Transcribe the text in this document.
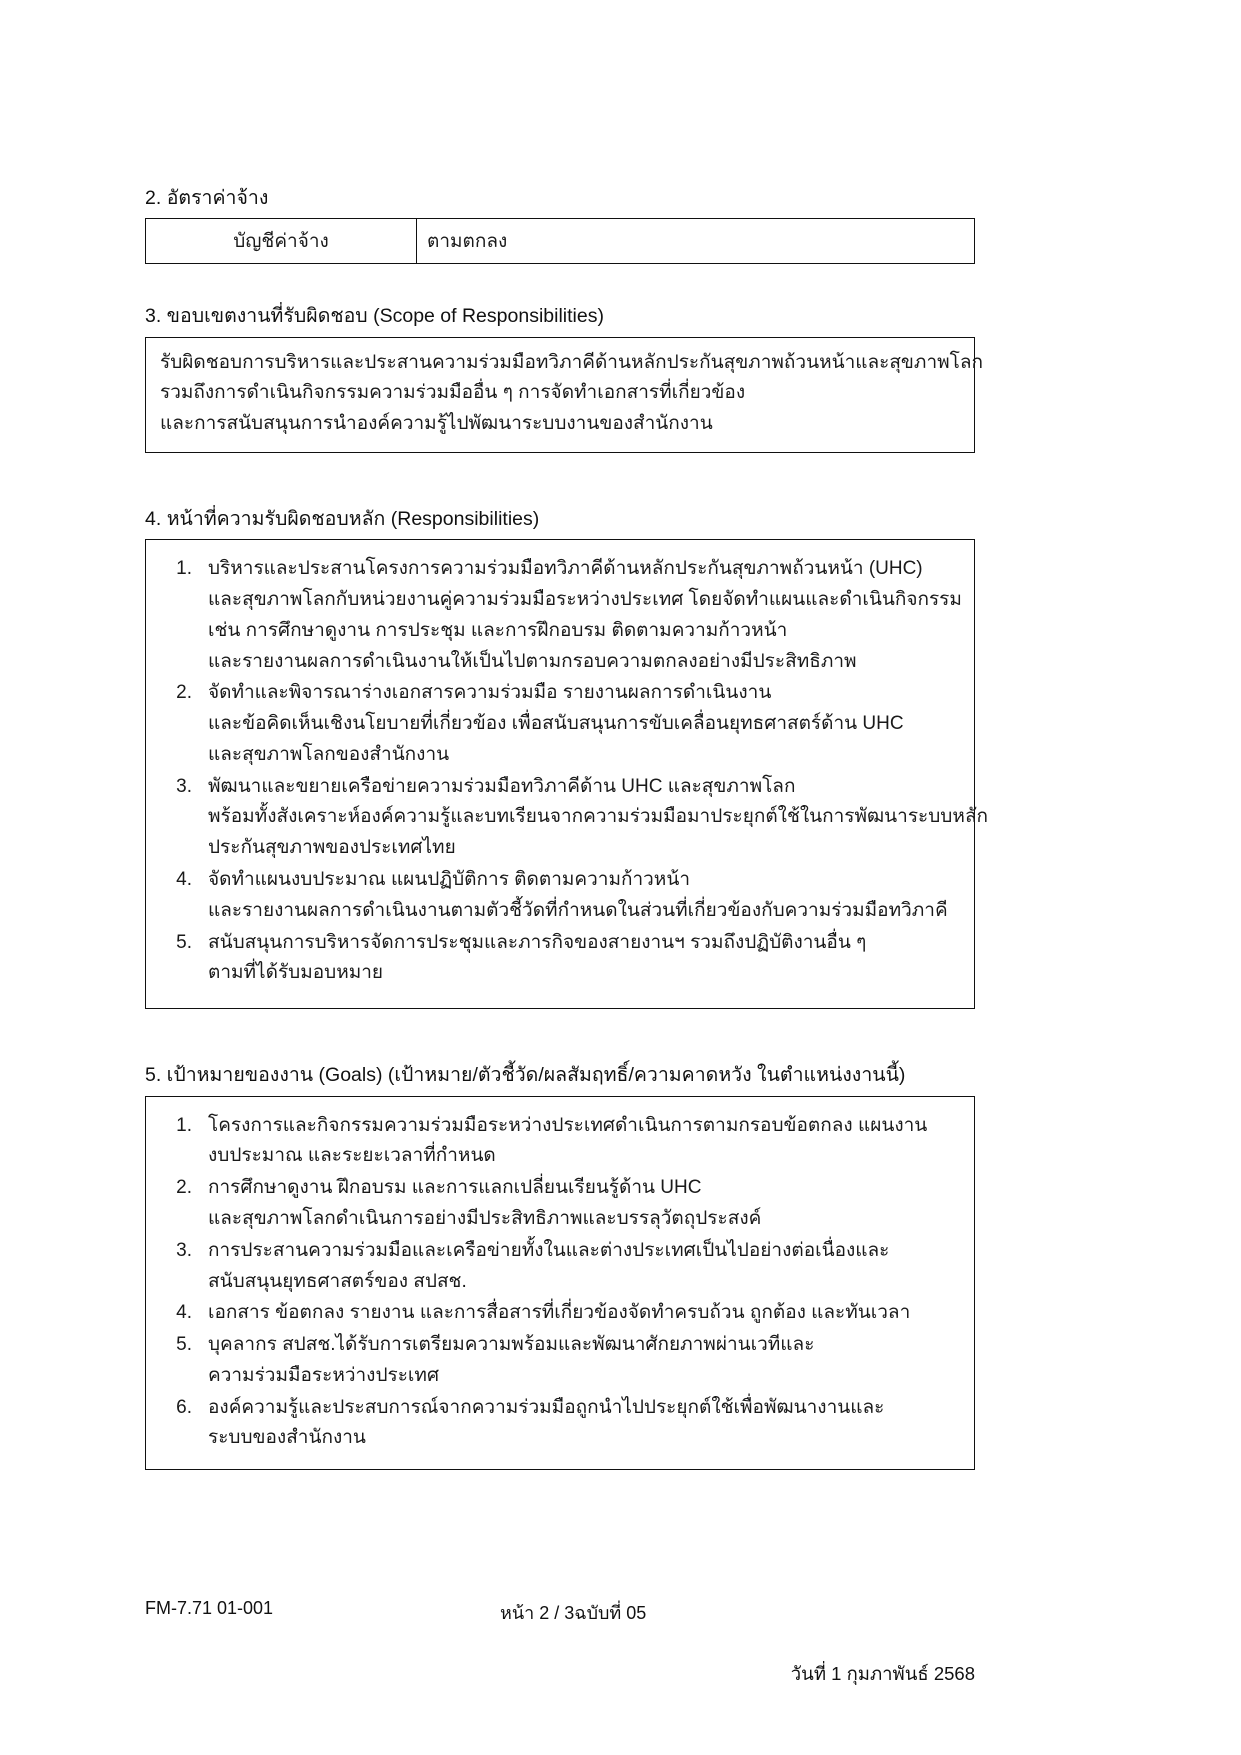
2. อัตราค่าจ้าง
บัญชีค่าจ้าง	ตามตกลง
3. ขอบเขตงานที่รับผิดชอบ (Scope of Responsibilities)
รับผิดชอบการบริหารและประสานความร่วมมือทวิภาคีด้านหลักประกันสุขภาพถ้วนหน้าและสุขภาพโลก
รวมถึงการดำเนินกิจกรรมความร่วมมืออื่น ๆ การจัดทำเอกสารที่เกี่ยวข้อง
และการสนับสนุนการนำองค์ความรู้ไปพัฒนาระบบงานของสำนักงาน
4. หน้าที่ความรับผิดชอบหลัก (Responsibilities)
1. บริหารและประสานโครงการความร่วมมือทวิภาคีด้านหลักประกันสุขภาพถ้วนหน้า (UHC)
และสุขภาพโลกกับหน่วยงานคู่ความร่วมมือระหว่างประเทศ โดยจัดทำแผนและดำเนินกิจกรรม
เช่น การศึกษาดูงาน การประชุม และการฝึกอบรม ติดตามความก้าวหน้า
และรายงานผลการดำเนินงานให้เป็นไปตามกรอบความตกลงอย่างมีประสิทธิภาพ
2. จัดทำและพิจารณาร่างเอกสารความร่วมมือ รายงานผลการดำเนินงาน
และข้อคิดเห็นเชิงนโยบายที่เกี่ยวข้อง เพื่อสนับสนุนการขับเคลื่อนยุทธศาสตร์ด้าน UHC
และสุขภาพโลกของสำนักงาน
3. พัฒนาและขยายเครือข่ายความร่วมมือทวิภาคีด้าน UHC และสุขภาพโลก
พร้อมทั้งสังเคราะห์องค์ความรู้และบทเรียนจากความร่วมมือมาประยุกต์ใช้ในการพัฒนาระบบหลัก
ประกันสุขภาพของประเทศไทย
4. จัดทำแผนงบประมาณ แผนปฏิบัติการ ติดตามความก้าวหน้า
และรายงานผลการดำเนินงานตามตัวชี้วัดที่กำหนดในส่วนที่เกี่ยวข้องกับความร่วมมือทวิภาคี
5. สนับสนุนการบริหารจัดการประชุมและภารกิจของสายงานฯ รวมถึงปฏิบัติงานอื่น ๆ
ตามที่ได้รับมอบหมาย
5. เป้าหมายของงาน (Goals) (เป้าหมาย/ตัวชี้วัด/ผลสัมฤทธิ์/ความคาดหวัง ในตำแหน่งงานนี้)
1. โครงการและกิจกรรมความร่วมมือระหว่างประเทศดำเนินการตามกรอบข้อตกลง แผนงาน
งบประมาณ และระยะเวลาที่กำหนด
2. การศึกษาดูงาน ฝึกอบรม และการแลกเปลี่ยนเรียนรู้ด้าน UHC
และสุขภาพโลกดำเนินการอย่างมีประสิทธิภาพและบรรลุวัตถุประสงค์
3. การประสานความร่วมมือและเครือข่ายทั้งในและต่างประเทศเป็นไปอย่างต่อเนื่องและ
สนับสนุนยุทธศาสตร์ของ สปสช.
4. เอกสาร ข้อตกลง รายงาน และการสื่อสารที่เกี่ยวข้องจัดทำครบถ้วน ถูกต้อง และทันเวลา
5. บุคลากร สปสช.ได้รับการเตรียมความพร้อมและพัฒนาศักยภาพผ่านเวทีและ
ความร่วมมือระหว่างประเทศ
6. องค์ความรู้และประสบการณ์จากความร่วมมือถูกนำไปประยุกต์ใช้เพื่อพัฒนางานและ
ระบบของสำนักงาน
FM-7.71 01-001	หน้า 2 / 3ฉบับที่ 05
วันที่ 1 กุมภาพันธ์ 2568
